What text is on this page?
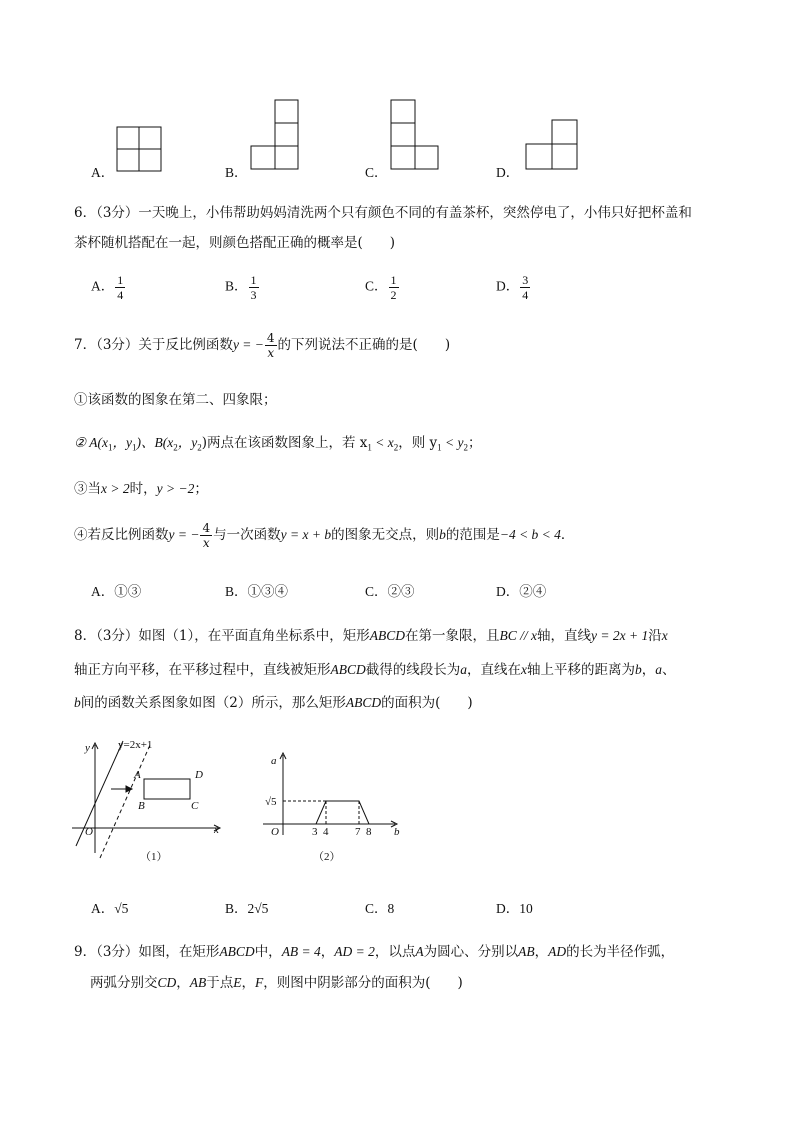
A．	B．	C．	D．
6．（3分）一天晚上，小伟帮助妈妈清洗两个只有颜色不同的有盖茶杯，突然停电了，小伟只好把杯盖和
茶杯随机搭配在一起，则颜色搭配正确的概率是(　　)
A． $\frac{1}{4}$	B． $\frac{1}{3}$	C． $\frac{1}{2}$	D． $\frac{3}{4}$
7．（3分）关于反比例函数y = − $\frac{4}{x}$ 的下列说法不正确的是(　　)
①该函数的图象在第二、四象限；
② $A(x_1$，$y_1$)、$B(x_2$，$y_2$)两点在该函数图象上，若 $x_1 < x_2$，则 $y_1 < y_2$；
③当x > 2时，y > −2；
④若反比例函数y = − $\frac{4}{x}$ 与一次函数y = x + b的图象无交点，则b的范围是−4 < b < 4．
A．①③	B．①③④	C．②③	D．②④
8．（3分）如图（1），在平面直角坐标系中，矩形ABCD在第一象限，且BC // x轴，直线y = 2x + 1沿x
轴正方向平移，在平移过程中，直线被矩形ABCD截得的线段长为a，直线在x轴上平移的距离为b，a、
b间的函数关系图象如图（2）所示，那么矩形ABCD的面积为(　　)
y	y=2x+1
x
O
A
B	C
D
（1）
a
b
O
√5
3 4 7 8
（2）
A．√5	B．2√5	C．8	D．10
9．（3分）如图，在矩形ABCD中，AB = 4，AD = 2，以点A为圆心、分别以AB，AD的长为半径作弧，
两弧分别交CD，AB于点E，F，则图中阴影部分的面积为(　　)
